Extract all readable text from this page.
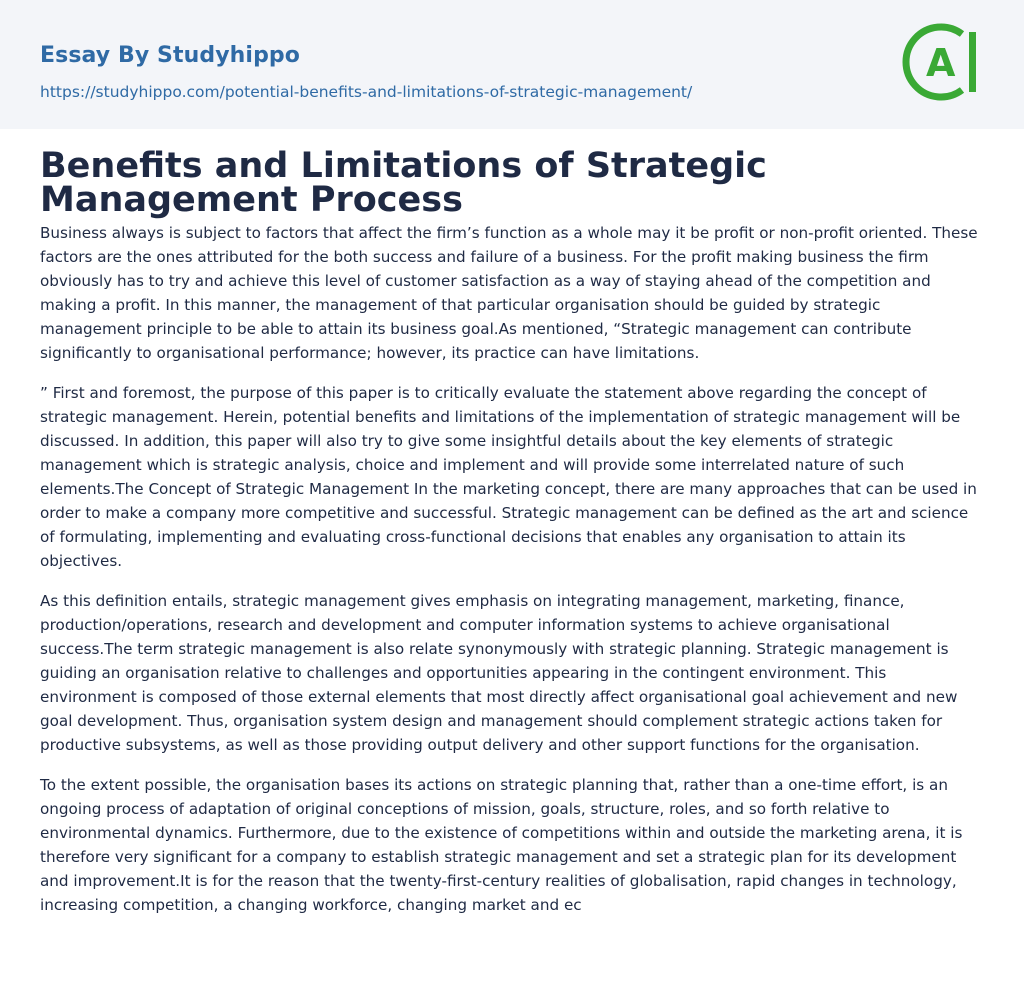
Essay By Studyhippo
https://studyhippo.com/potential-benefits-and-limitations-of-strategic-management/
A
Benefits and Limitations of Strategic Management Process

Business always is subject to factors that affect the firm’s function as a whole may it be profit or non-profit oriented. These factors are the ones attributed for the both success and failure of a business. For the profit making business the firm obviously has to try and achieve this level of customer satisfaction as a way of staying ahead of the competition and making a profit. In this manner, the management of that particular organisation should be guided by strategic management principle to be able to attain its business goal.As mentioned, “Strategic management can contribute significantly to organisational performance; however, its practice can have limitations.

” First and foremost, the purpose of this paper is to critically evaluate the statement above regarding the concept of strategic management. Herein, potential benefits and limitations of the implementation of strategic management will be discussed. In addition, this paper will also try to give some insightful details about the key elements of strategic management which is strategic analysis, choice and implement and will provide some interrelated nature of such elements.The Concept of Strategic Management In the marketing concept, there are many approaches that can be used in order to make a company more competitive and successful. Strategic management can be defined as the art and science of formulating, implementing and evaluating cross-functional decisions that enables any organisation to attain its objectives.

As this definition entails, strategic management gives emphasis on integrating management, marketing, finance, production/operations, research and development and computer information systems to achieve organisational success.The term strategic management is also relate synonymously with strategic planning. Strategic management is guiding an organisation relative to challenges and opportunities appearing in the contingent environment. This environment is composed of those external elements that most directly affect organisational goal achievement and new goal development. Thus, organisation system design and management should complement strategic actions taken for productive subsystems, as well as those providing output delivery and other support functions for the organisation.

To the extent possible, the organisation bases its actions on strategic planning that, rather than a one-time effort, is an ongoing process of adaptation of original conceptions of mission, goals, structure, roles, and so forth relative to environmental dynamics. Furthermore, due to the existence of competitions within and outside the marketing arena, it is therefore very significant for a company to establish strategic management and set a strategic plan for its development and improvement.It is for the reason that the twenty-first-century realities of globalisation, rapid changes in technology, increasing competition, a changing workforce, changing market and ec
